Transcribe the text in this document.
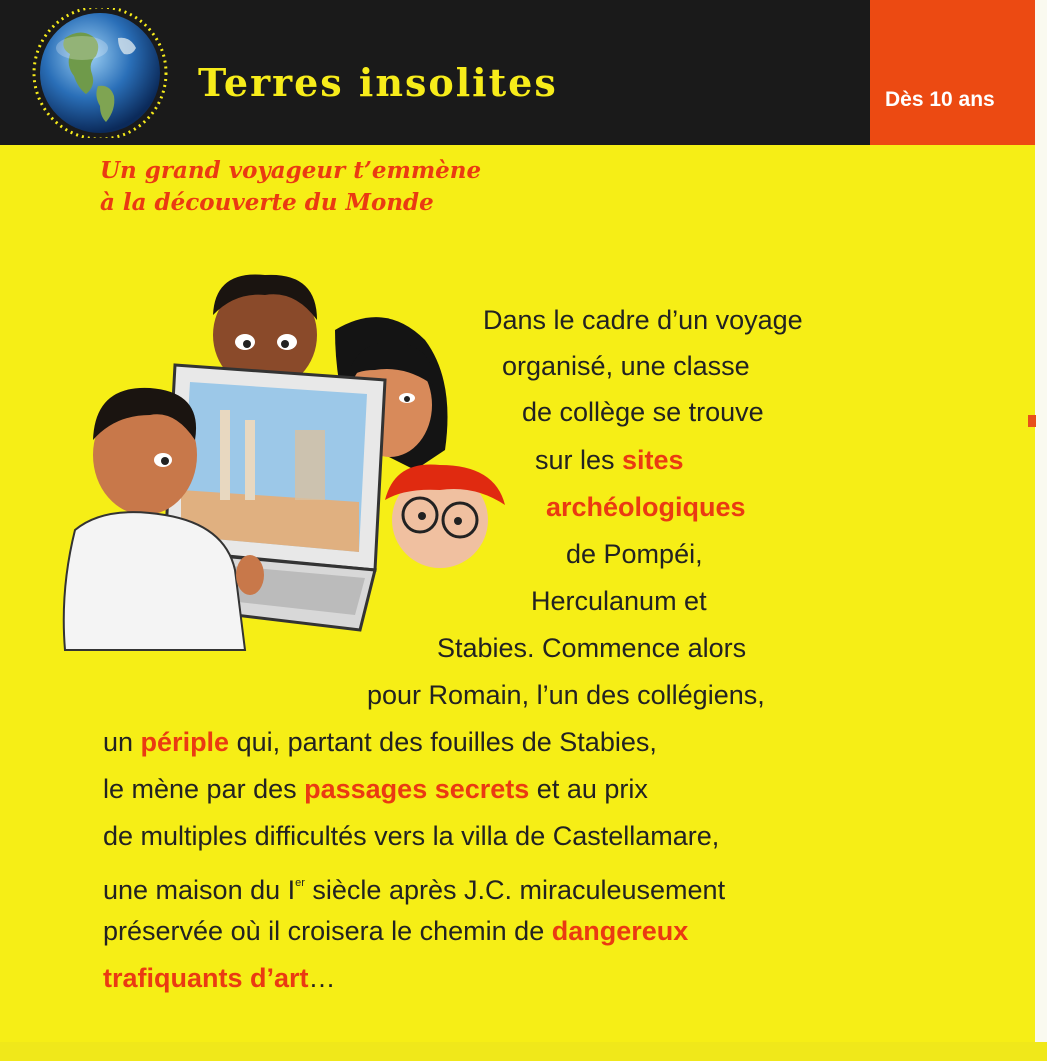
Terres insolites	Dès 10 ans
Un grand voyageur t’emmène
à la découverte du Monde
Dans le cadre d’un voyage
organisé, une classe
de collège se trouve
sur les sites
archéologiques
de Pompéi,
Herculanum et
Stabies. Commence alors
pour Romain, l’un des collégiens,
un périple qui, partant des fouilles de Stabies,
le mène par des passages secrets et au prix
de multiples difficultés vers la villa de Castellamare,
une maison du Ier siècle après J.C. miraculeusement
préservée où il croisera le chemin de dangereux
trafiquants d’art…
